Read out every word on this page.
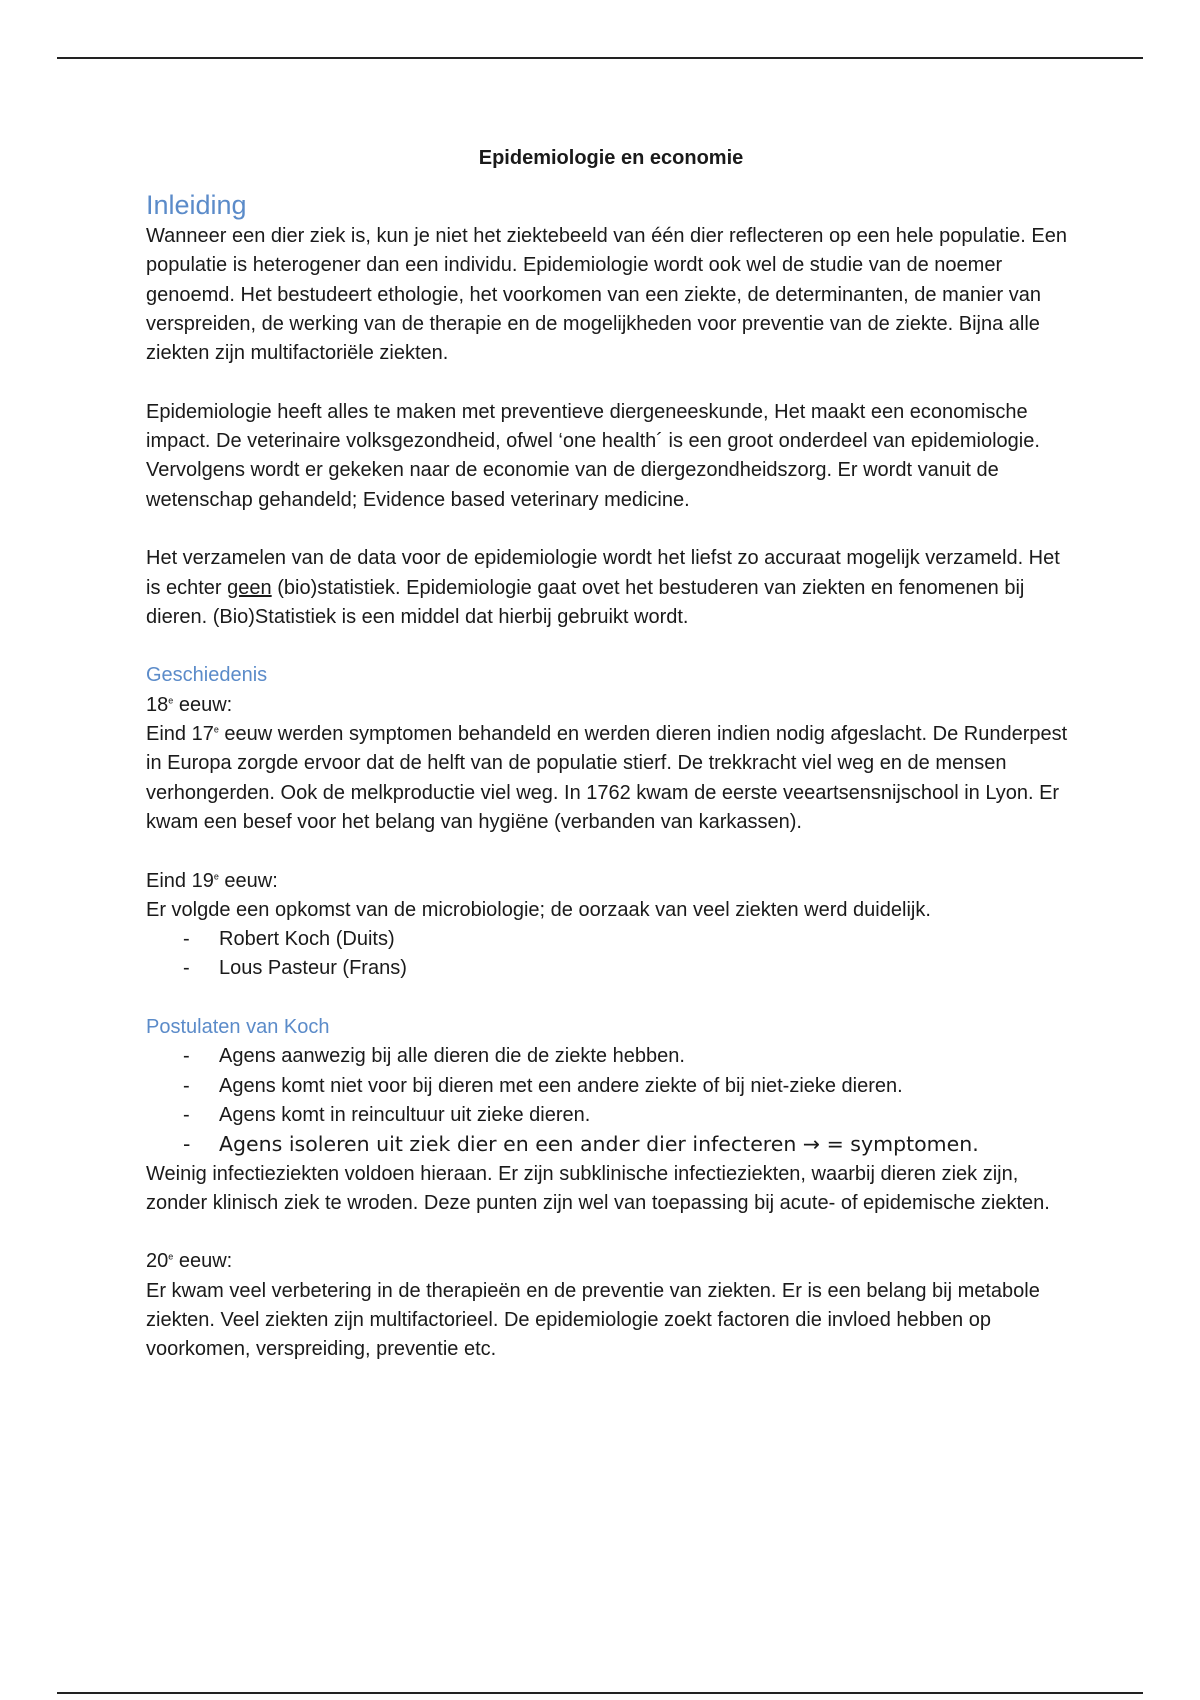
Epidemiologie en economie
Inleiding

Wanneer een dier ziek is, kun je niet het ziektebeeld van één dier reflecteren op een hele populatie. Een populatie is heterogener dan een individu. Epidemiologie wordt ook wel de studie van de noemer genoemd. Het bestudeert ethologie, het voorkomen van een ziekte, de determinanten, de manier van verspreiden, de werking van de therapie en de mogelijkheden voor preventie van de ziekte. Bijna alle ziekten zijn multifactoriële ziekten.

Epidemiologie heeft alles te maken met preventieve diergeneeskunde, Het maakt een economische impact. De veterinaire volksgezondheid, ofwel ‘one health´ is een groot onderdeel van epidemiologie. Vervolgens wordt er gekeken naar de economie van de diergezondheidszorg. Er wordt vanuit de wetenschap gehandeld; Evidence based veterinary medicine.

Het verzamelen van de data voor de epidemiologie wordt het liefst zo accuraat mogelijk verzameld. Het is echter geen (bio)statistiek. Epidemiologie gaat ovet het bestuderen van ziekten en fenomenen bij dieren. (Bio)Statistiek is een middel dat hierbij gebruikt wordt.

Geschiedenis

18e eeuw:

Eind 17e eeuw werden symptomen behandeld en werden dieren indien nodig afgeslacht. De Runderpest in Europa zorgde ervoor dat de helft van de populatie stierf. De trekkracht viel weg en de mensen verhongerden. Ook de melkproductie viel weg. In 1762 kwam de eerste veeartsensnijschool in Lyon. Er kwam een besef voor het belang van hygiëne (verbanden van karkassen).

Eind 19e eeuw:

Er volgde een opkomst van de microbiologie; de oorzaak van veel ziekten werd duidelijk.

- Robert Koch (Duits)
- Lous Pasteur (Frans)
Postulaten van Koch
- Agens aanwezig bij alle dieren die de ziekte hebben.
- Agens komt niet voor bij dieren met een andere ziekte of bij niet-zieke dieren.
- Agens komt in reincultuur uit zieke dieren.
- Agens isoleren uit ziek dier en een ander dier infecteren → = symptomen.

Weinig infectieziekten voldoen hieraan. Er zijn subklinische infectieziekten, waarbij dieren ziek zijn, zonder klinisch ziek te wroden. Deze punten zijn wel van toepassing bij acute- of epidemische ziekten.

20e eeuw:

Er kwam veel verbetering in de therapieën en de preventie van ziekten. Er is een belang bij metabole ziekten. Veel ziekten zijn multifactorieel. De epidemiologie zoekt factoren die invloed hebben op voorkomen, verspreiding, preventie etc.
